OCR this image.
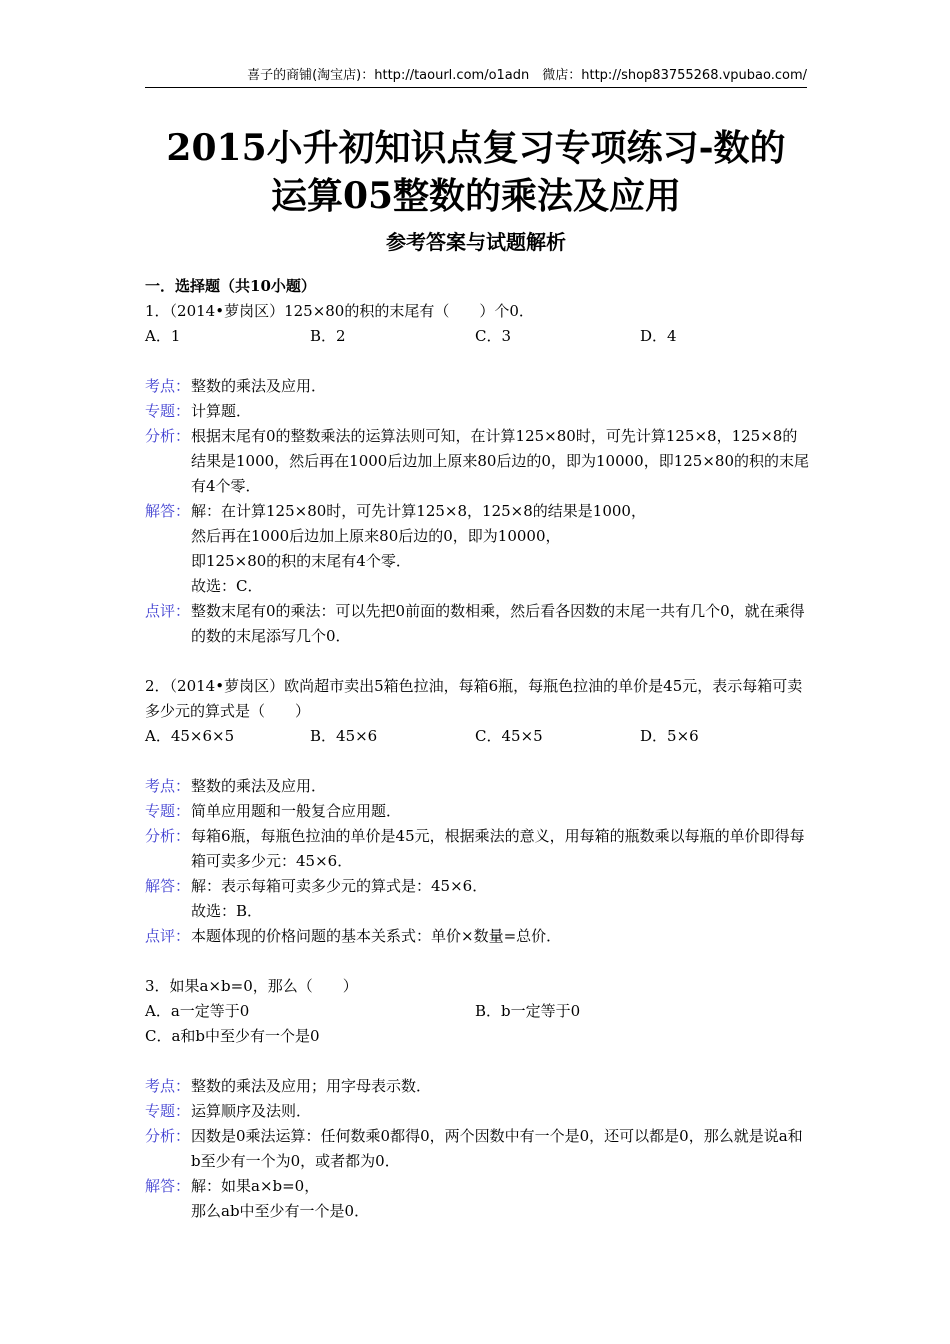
喜子的商铺(淘宝店)：http://taourl.com/o1adn　微店：http://shop83755268.vpubao.com/
2015小升初知识点复习专项练习-数的
运算05整数的乘法及应用
参考答案与试题解析
一．选择题（共10小题）
1．（2014•萝岗区）125×80的积的末尾有（　　）个0．
A．1	B．2	C．3	D．4
考点： 整数的乘法及应用．
专题： 计算题．
分析： 根据末尾有0的整数乘法的运算法则可知，在计算125×80时，可先计算125×8，125×8的结果是1000，然后再在1000后边加上原来80后边的0，即为10000，即125×80的积的末尾有4个零．
解答： 解：在计算125×80时，可先计算125×8，125×8的结果是1000，

然后再在1000后边加上原来80后边的0，即为10000，

即125×80的积的末尾有4个零．

故选：C．

点评： 整数末尾有0的乘法：可以先把0前面的数相乘，然后看各因数的末尾一共有几个0，就在乘得的数的末尾添写几个0．
2．（2014•萝岗区）欧尚超市卖出5箱色拉油，每箱6瓶，每瓶色拉油的单价是45元，表示每箱可卖多少元的算式是（　　）
A．45×6×5	B．45×6	C．45×5	D．5×6
考点： 整数的乘法及应用．
专题： 简单应用题和一般复合应用题．
分析： 每箱6瓶，每瓶色拉油的单价是45元，根据乘法的意义，用每箱的瓶数乘以每瓶的单价即得每箱可卖多少元：45×6．
解答： 解：表示每箱可卖多少元的算式是：45×6．

故选：B．

点评： 本题体现的价格问题的基本关系式：单价×数量=总价．
3．如果a×b=0，那么（　　）
A．a一定等于0	B．b一定等于0
C．a和b中至少有一个是0
考点： 整数的乘法及应用；用字母表示数．
专题： 运算顺序及法则．
分析： 因数是0乘法运算：任何数乘0都得0，两个因数中有一个是0，还可以都是0，那么就是说a和b至少有一个为0，或者都为0．
解答： 解：如果a×b=0，

那么ab中至少有一个是0．
